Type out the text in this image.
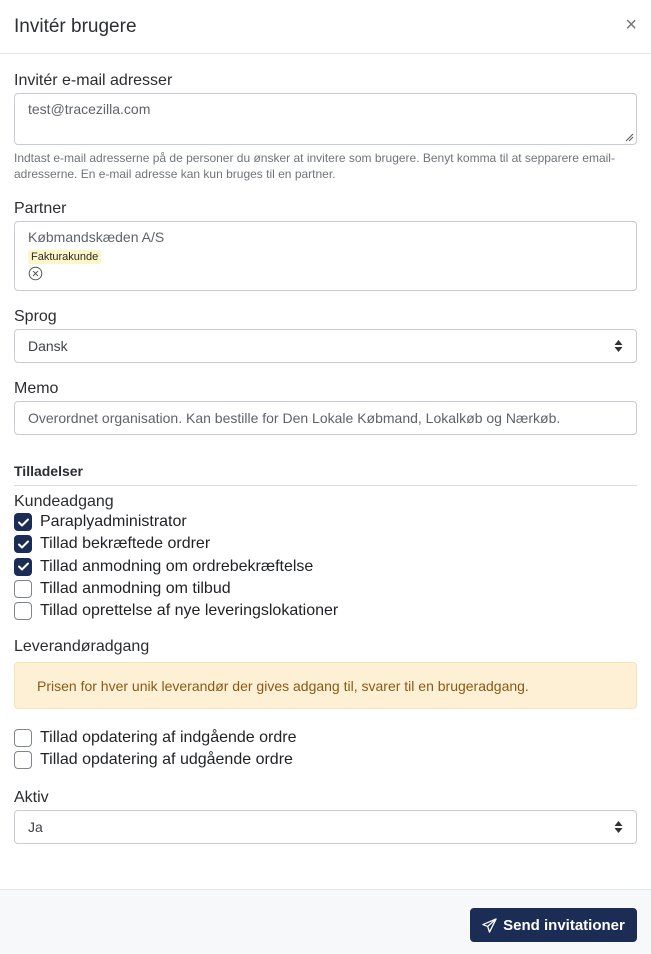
Invitér brugere	×
Invitér e-mail adresser
test@tracezilla.com
Indtast e-mail adresserne på de personer du ønsker at invitere som brugere. Benyt komma til at sepparere email-adresserne. En e-mail adresse kan kun bruges til en partner.
Partner
Købmandskæden A/S
Fakturakunde
Sprog
Dansk
Memo
Overordnet organisation. Kan bestille for Den Lokale Købmand, Lokalkøb og Nærkøb.
Tilladelser
Kundeadgang
Paraplyadministrator
Tillad bekræftede ordrer
Tillad anmodning om ordrebekræftelse
Tillad anmodning om tilbud
Tillad oprettelse af nye leveringslokationer
Leverandøradgang
Prisen for hver unik leverandør der gives adgang til, svarer til en brugeradgang.
Tillad opdatering af indgående ordre
Tillad opdatering af udgående ordre
Aktiv
Ja
Send invitationer
